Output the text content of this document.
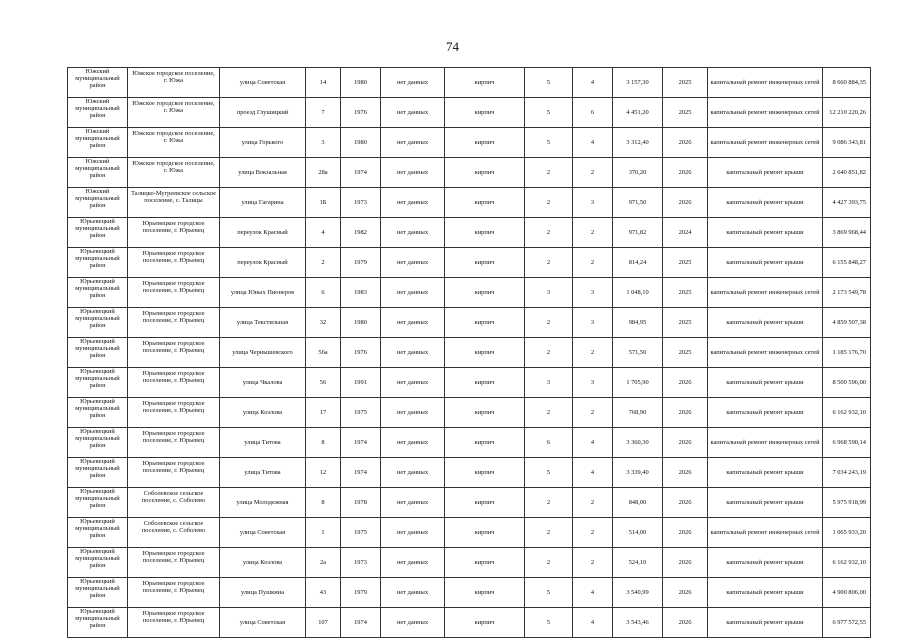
74
Южский муниципальный район	Южское городское поселение, г. Южа	улица Советская	14	1980	нет данных	кирпич	5	4	3 157,30	2025	капитальный ремонт инженерных сетей	8 660 884,35
Южский муниципальный район	Южское городское поселение, г. Южа	проезд Глушицкий	7	1976	нет данных	кирпич	5	6	4 451,20	2025	капитальный ремонт инженерных сетей	12 210 220,26
Южский муниципальный район	Южское городское поселение, г. Южа	улица Горького	3	1980	нет данных	кирпич	5	4	3 312,40	2026	капитальный ремонт инженерных сетей	9 086 343,81
Южский муниципальный район	Южское городское поселение, г. Южа	улица Вокзальная	28а	1974	нет данных	кирпич	2	2	370,20	2026	капитальный ремонт крыши	2 640 851,82
Южский муниципальный район	Талицко-Мугреевское сельское поселение, с. Талицы	улица Гагарина	1Б	1973	нет данных	кирпич	2	3	971,50	2026	капитальный ремонт крыши	4 427 393,75
Юрьевецкий муниципальный район	Юрьевецкое городское поселение, г. Юрьевец	переулок Красный	4	1982	нет данных	кирпич	2	2	971,82	2024	капитальный ремонт крыши	3 869 968,44
Юрьевецкий муниципальный район	Юрьевецкое городское поселение, г. Юрьевец	переулок Красный	2	1979	нет данных	кирпич	2	2	814,24	2025	капитальный ремонт крыши	6 155 848,27
Юрьевецкий муниципальный район	Юрьевецкое городское поселение, г. Юрьевец	улица Юных Пионеров	6	1983	нет данных	кирпич	3	3	1 048,10	2025	капитальный ремонт инженерных сетей	2 173 549,78
Юрьевецкий муниципальный район	Юрьевецкое городское поселение, г. Юрьевец	улица Текстильная	32	1980	нет данных	кирпич	2	3	984,95	2025	капитальный ремонт крыши	4 859 507,38
Юрьевецкий муниципальный район	Юрьевецкое городское поселение, г. Юрьевец	улица Чернышевского	56а	1976	нет данных	кирпич	2	2	571,50	2025	капитальный ремонт инженерных сетей	1 185 176,70
Юрьевецкий муниципальный район	Юрьевецкое городское поселение, г. Юрьевец	улица Чкалова	56	1991	нет данных	кирпич	3	3	1 705,90	2026	капитальный ремонт крыши	8 500 596,00
Юрьевецкий муниципальный район	Юрьевецкое городское поселение, г. Юрьевец	улица Козлова	17	1975	нет данных	кирпич	2	2	768,90	2026	капитальный ремонт крыши	6 162 932,10
Юрьевецкий муниципальный район	Юрьевецкое городское поселение, г. Юрьевец	улица Титова	8	1974	нет данных	кирпич	6	4	3 360,30	2026	капитальный ремонт инженерных сетей	6 968 590,14
Юрьевецкий муниципальный район	Юрьевецкое городское поселение, г. Юрьевец	улица Титова	12	1974	нет данных	кирпич	5	4	3 339,40	2026	капитальный ремонт крыши	7 034 243,19
Юрьевецкий муниципальный район	Соболевское сельское поселение, с. Соболево	улица Молодежная	8	1978	нет данных	кирпич	2	2	848,00	2026	капитальный ремонт крыши	5 975 918,99
Юрьевецкий муниципальный район	Соболевское сельское поселение, с. Соболево	улица Советская	1	1975	нет данных	кирпич	2	2	514,00	2026	капитальный ремонт инженерных сетей	1 065 933,20
Юрьевецкий муниципальный район	Юрьевецкое городское поселение, г. Юрьевец	улица Козлова	2а	1973	нет данных	кирпич	2	2	524,10	2026	капитальный ремонт крыши	6 162 932,10
Юрьевецкий муниципальный район	Юрьевецкое городское поселение, г. Юрьевец	улица Пушкина	43	1979	нет данных	кирпич	5	4	3 540,99	2026	капитальный ремонт крыши	4 900 806,00
Юрьевецкий муниципальный район	Юрьевецкое городское поселение, г. Юрьевец	улица Советская	107	1974	нет данных	кирпич	5	4	3 543,46	2026	капитальный ремонт крыши	6 977 572,55
